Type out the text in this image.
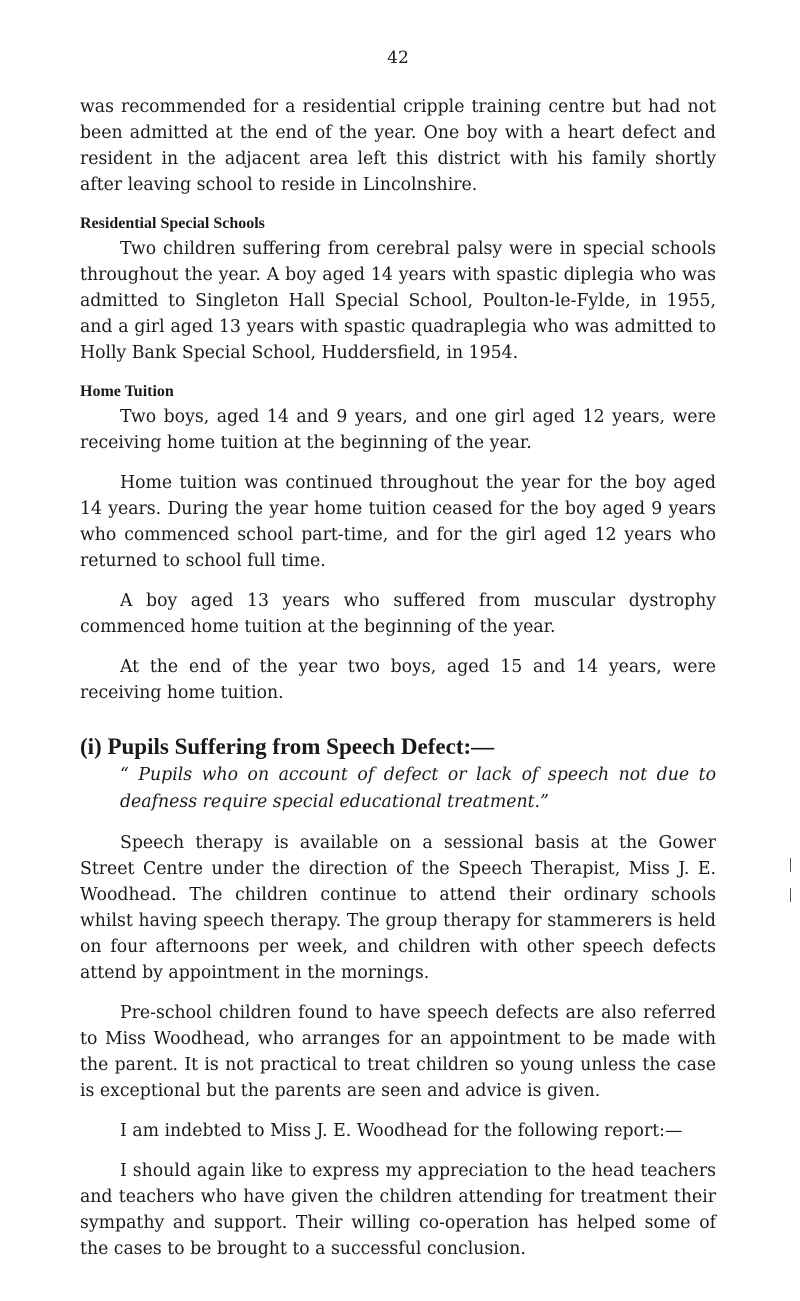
42

was recommended for a residential cripple training centre but had not been admitted at the end of the year. One boy with a heart defect and resident in the adjacent area left this district with his family shortly after leaving school to reside in Lincolnshire.

Residential Special Schools

Two children suffering from cerebral palsy were in special schools throughout the year. A boy aged 14 years with spastic diplegia who was admitted to Singleton Hall Special School, Poulton-le-Fylde, in 1955, and a girl aged 13 years with spastic quadraplegia who was admitted to Holly Bank Special School, Huddersfield, in 1954.

Home Tuition

Two boys, aged 14 and 9 years, and one girl aged 12 years, were receiving home tuition at the beginning of the year.

Home tuition was continued throughout the year for the boy aged 14 years. During the year home tuition ceased for the boy aged 9 years who commenced school part-time, and for the girl aged 12 years who returned to school full time.

A boy aged 13 years who suffered from muscular dystrophy commenced home tuition at the beginning of the year.

At the end of the year two boys, aged 15 and 14 years, were receiving home tuition.

(i) Pupils Suffering from Speech Defect:—

“ Pupils who on account of defect or lack of speech not due to deafness require special educational treatment.”

Speech therapy is available on a sessional basis at the Gower Street Centre under the direction of the Speech Therapist, Miss J. E. Woodhead. The children continue to attend their ordinary schools whilst having speech therapy. The group therapy for stammerers is held on four afternoons per week, and children with other speech defects attend by appointment in the mornings.

Pre-school children found to have speech defects are also referred to Miss Woodhead, who arranges for an appointment to be made with the parent. It is not practical to treat children so young unless the case is exceptional but the parents are seen and advice is given.

I am indebted to Miss J. E. Woodhead for the following report:—

I should again like to express my appreciation to the head teachers and teachers who have given the children attending for treatment their sympathy and support. Their willing co-operation has helped some of the cases to be brought to a successful conclusion.
